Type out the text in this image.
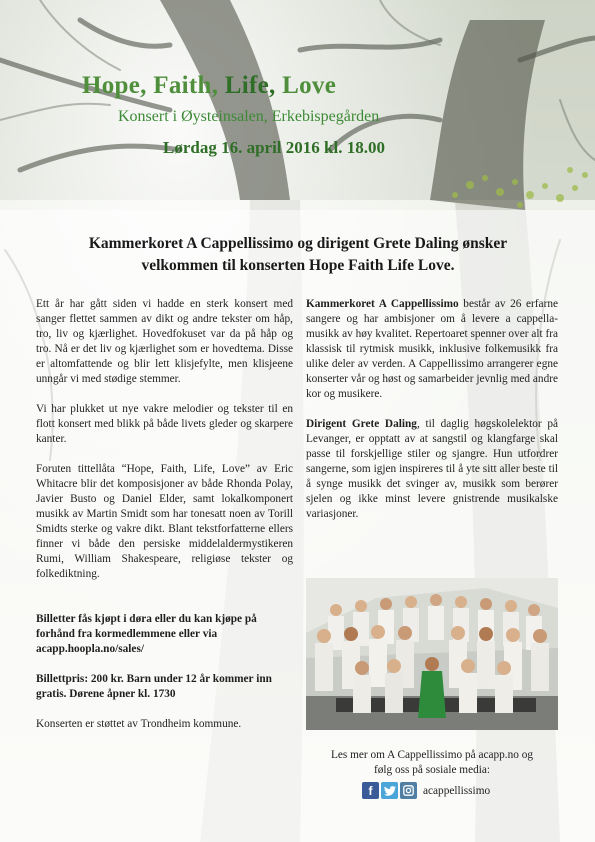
Hope, Faith, Life, Love

Konsert i Øysteinsalen, Erkebispegården

Lørdag 16. april 2016 kl. 18.00

Kammerkoret A Cappellissimo og dirigent Grete Daling ønsker
velkommen til konserten Hope Faith Life Love.

Ett år har gått siden vi hadde en sterk konsert med sanger flettet sammen av dikt og andre tekster om håp, tro, liv og kjærlighet. Hovedfokuset var da på håp og tro. Nå er det liv og kjærlighet som er hovedtema. Disse er altomfattende og blir lett klisjefylte, men klisjeene unngår vi med stødige stemmer.

Vi har plukket ut nye vakre melodier og tekster til en flott konsert med blikk på både livets gleder og skarpere kanter.

Foruten tittellåta “Hope, Faith, Life, Love” av Eric Whitacre blir det komposisjoner av både Rhonda Polay, Javier Busto og Daniel Elder, samt lokalkomponert musikk av Martin Smidt som har tonesatt noen av Torill Smidts sterke og vakre dikt. Blant tekstforfatterne ellers finner vi både den persiske middelaldermystikeren Rumi, William Shakespeare, religiøse tekster og folkediktning.

Billetter fås kjøpt i døra eller du kan kjøpe på forhånd fra kormedlemmene eller via acapp.hoopla.no/sales/

Billettpris: 200 kr. Barn under 12 år kommer inn gratis. Dørene åpner kl. 1730

Konserten er støttet av Trondheim kommune.

Kammerkoret A Cappellissimo består av 26 erfarne sangere og har ambisjoner om å levere a cappella-musikk av høy kvalitet. Repertoaret spenner over alt fra klassisk til rytmisk musikk, inklusive folkemusikk fra ulike deler av verden. A Cappellissimo arrangerer egne konserter vår og høst og samarbeider jevnlig med andre kor og musikere.

Dirigent Grete Daling, til daglig høgskolelektor på Levanger, er opptatt av at sangstil og klangfarge skal passe til forskjellige stiler og sjangre. Hun utfordrer sangerne, som igjen inspireres til å yte sitt aller beste til å synge musikk det svinger av, musikk som berører sjelen og ikke minst levere gnistrende musikalske variasjoner.

Les mer om A Cappellissimo på acapp.no og
følg oss på sosiale media:

f	acappellissimo
